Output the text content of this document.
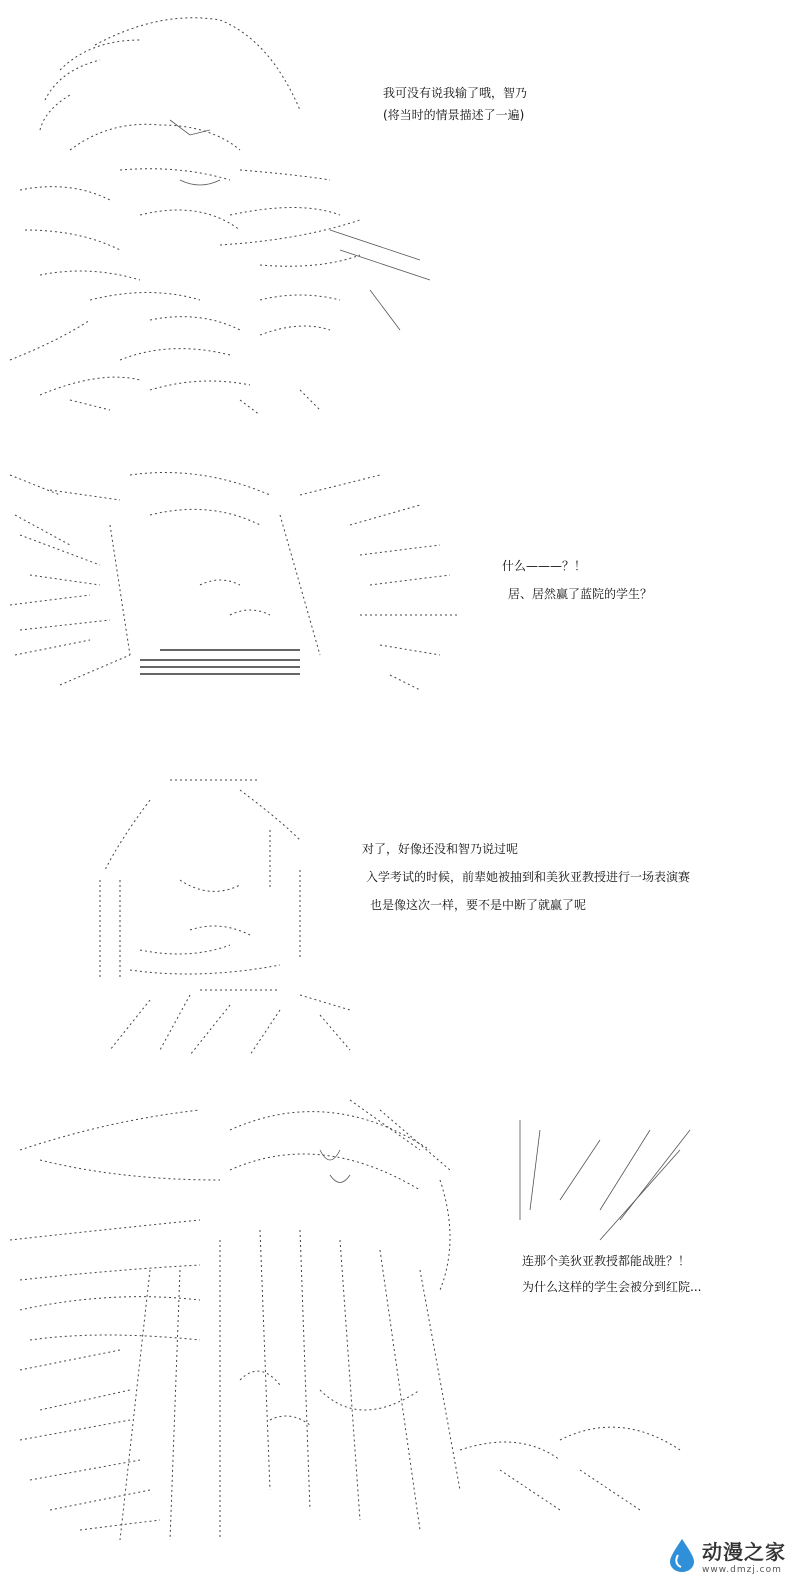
我可没有说我输了哦，智乃

(将当时的情景描述了一遍)

什么———？！

居、居然赢了蓝院的学生？

对了，好像还没和智乃说过呢

入学考试的时候，前辈她被抽到和美狄亚教授进行一场表演赛

也是像这次一样，要不是中断了就赢了呢

连那个美狄亚教授都能战胜？！

为什么这样的学生会被分到红院...

动漫之家
www.dmzj.com
